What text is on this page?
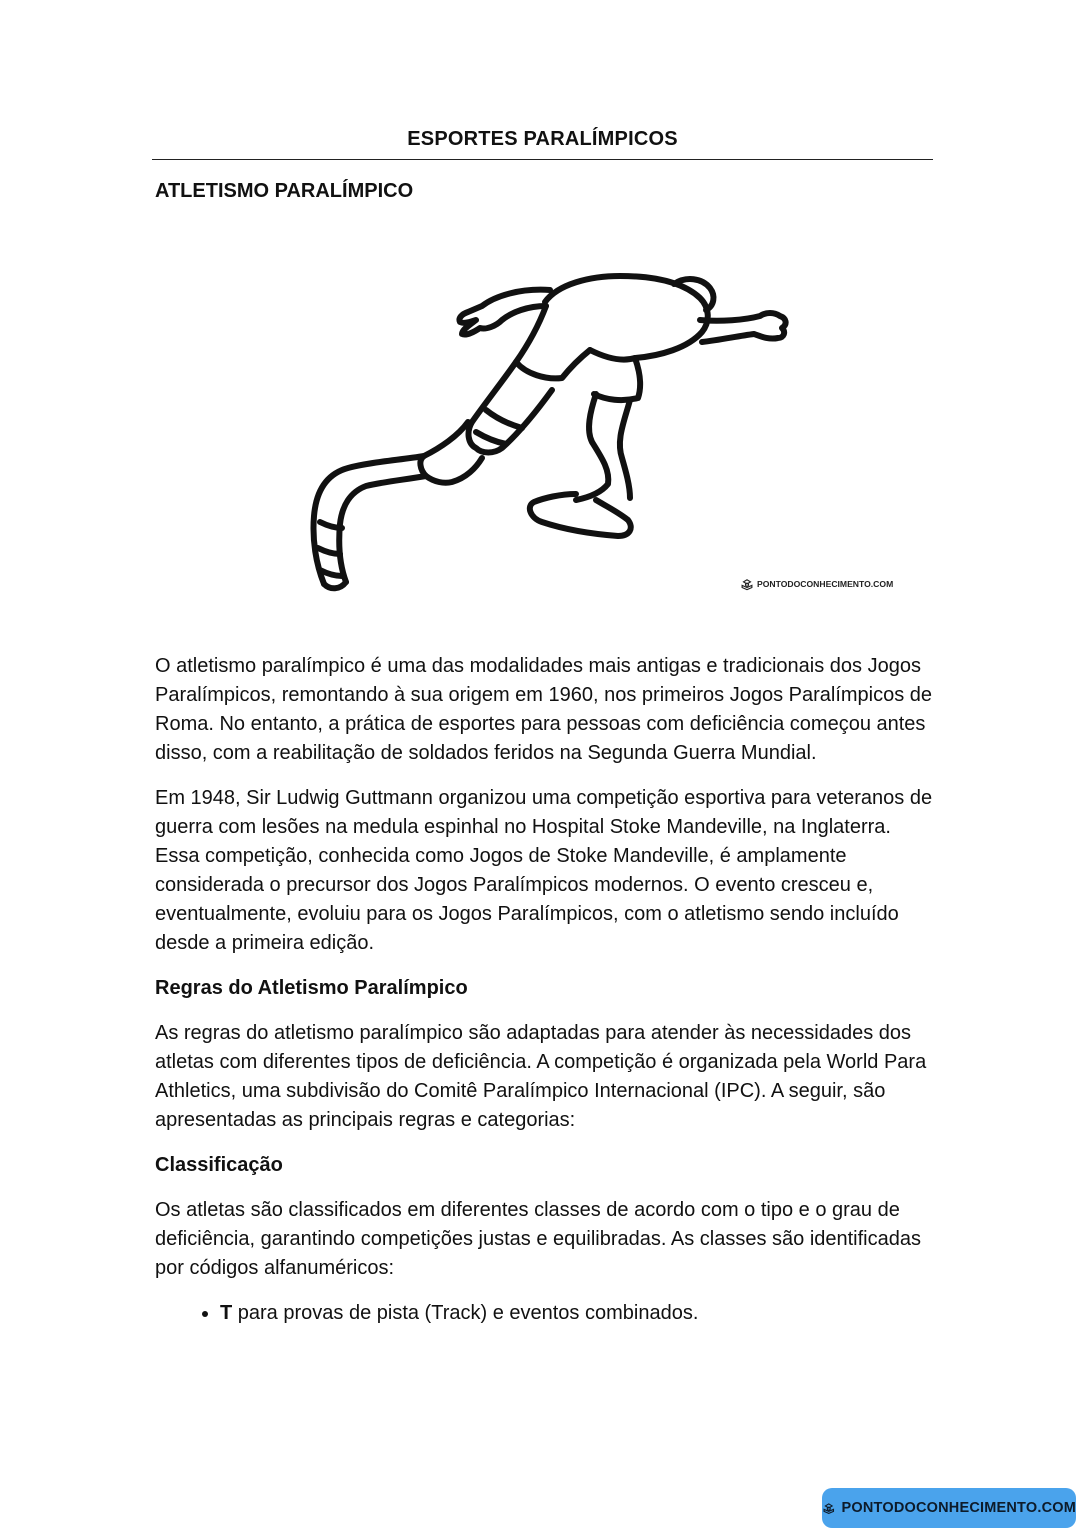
ESPORTES PARALÍMPICOS
ATLETISMO PARALÍMPICO
PONTODOCONHECIMENTO.COM

O atletismo paralímpico é uma das modalidades mais antigas e tradicionais dos Jogos Paralímpicos, remontando à sua origem em 1960, nos primeiros Jogos Paralímpicos de Roma. No entanto, a prática de esportes para pessoas com deficiência começou antes disso, com a reabilitação de soldados feridos na Segunda Guerra Mundial.

Em 1948, Sir Ludwig Guttmann organizou uma competição esportiva para veteranos de guerra com lesões na medula espinhal no Hospital Stoke Mandeville, na Inglaterra. Essa competição, conhecida como Jogos de Stoke Mandeville, é amplamente considerada o precursor dos Jogos Paralímpicos modernos. O evento cresceu e, eventualmente, evoluiu para os Jogos Paralímpicos, com o atletismo sendo incluído desde a primeira edição.

Regras do Atletismo Paralímpico

As regras do atletismo paralímpico são adaptadas para atender às necessidades dos atletas com diferentes tipos de deficiência. A competição é organizada pela World Para Athletics, uma subdivisão do Comitê Paralímpico Internacional (IPC). A seguir, são apresentadas as principais regras e categorias:

Classificação

Os atletas são classificados em diferentes classes de acordo com o tipo e o grau de deficiência, garantindo competições justas e equilibradas. As classes são identificadas por códigos alfanuméricos:

• T para provas de pista (Track) e eventos combinados.
PONTODOCONHECIMENTO.COM
